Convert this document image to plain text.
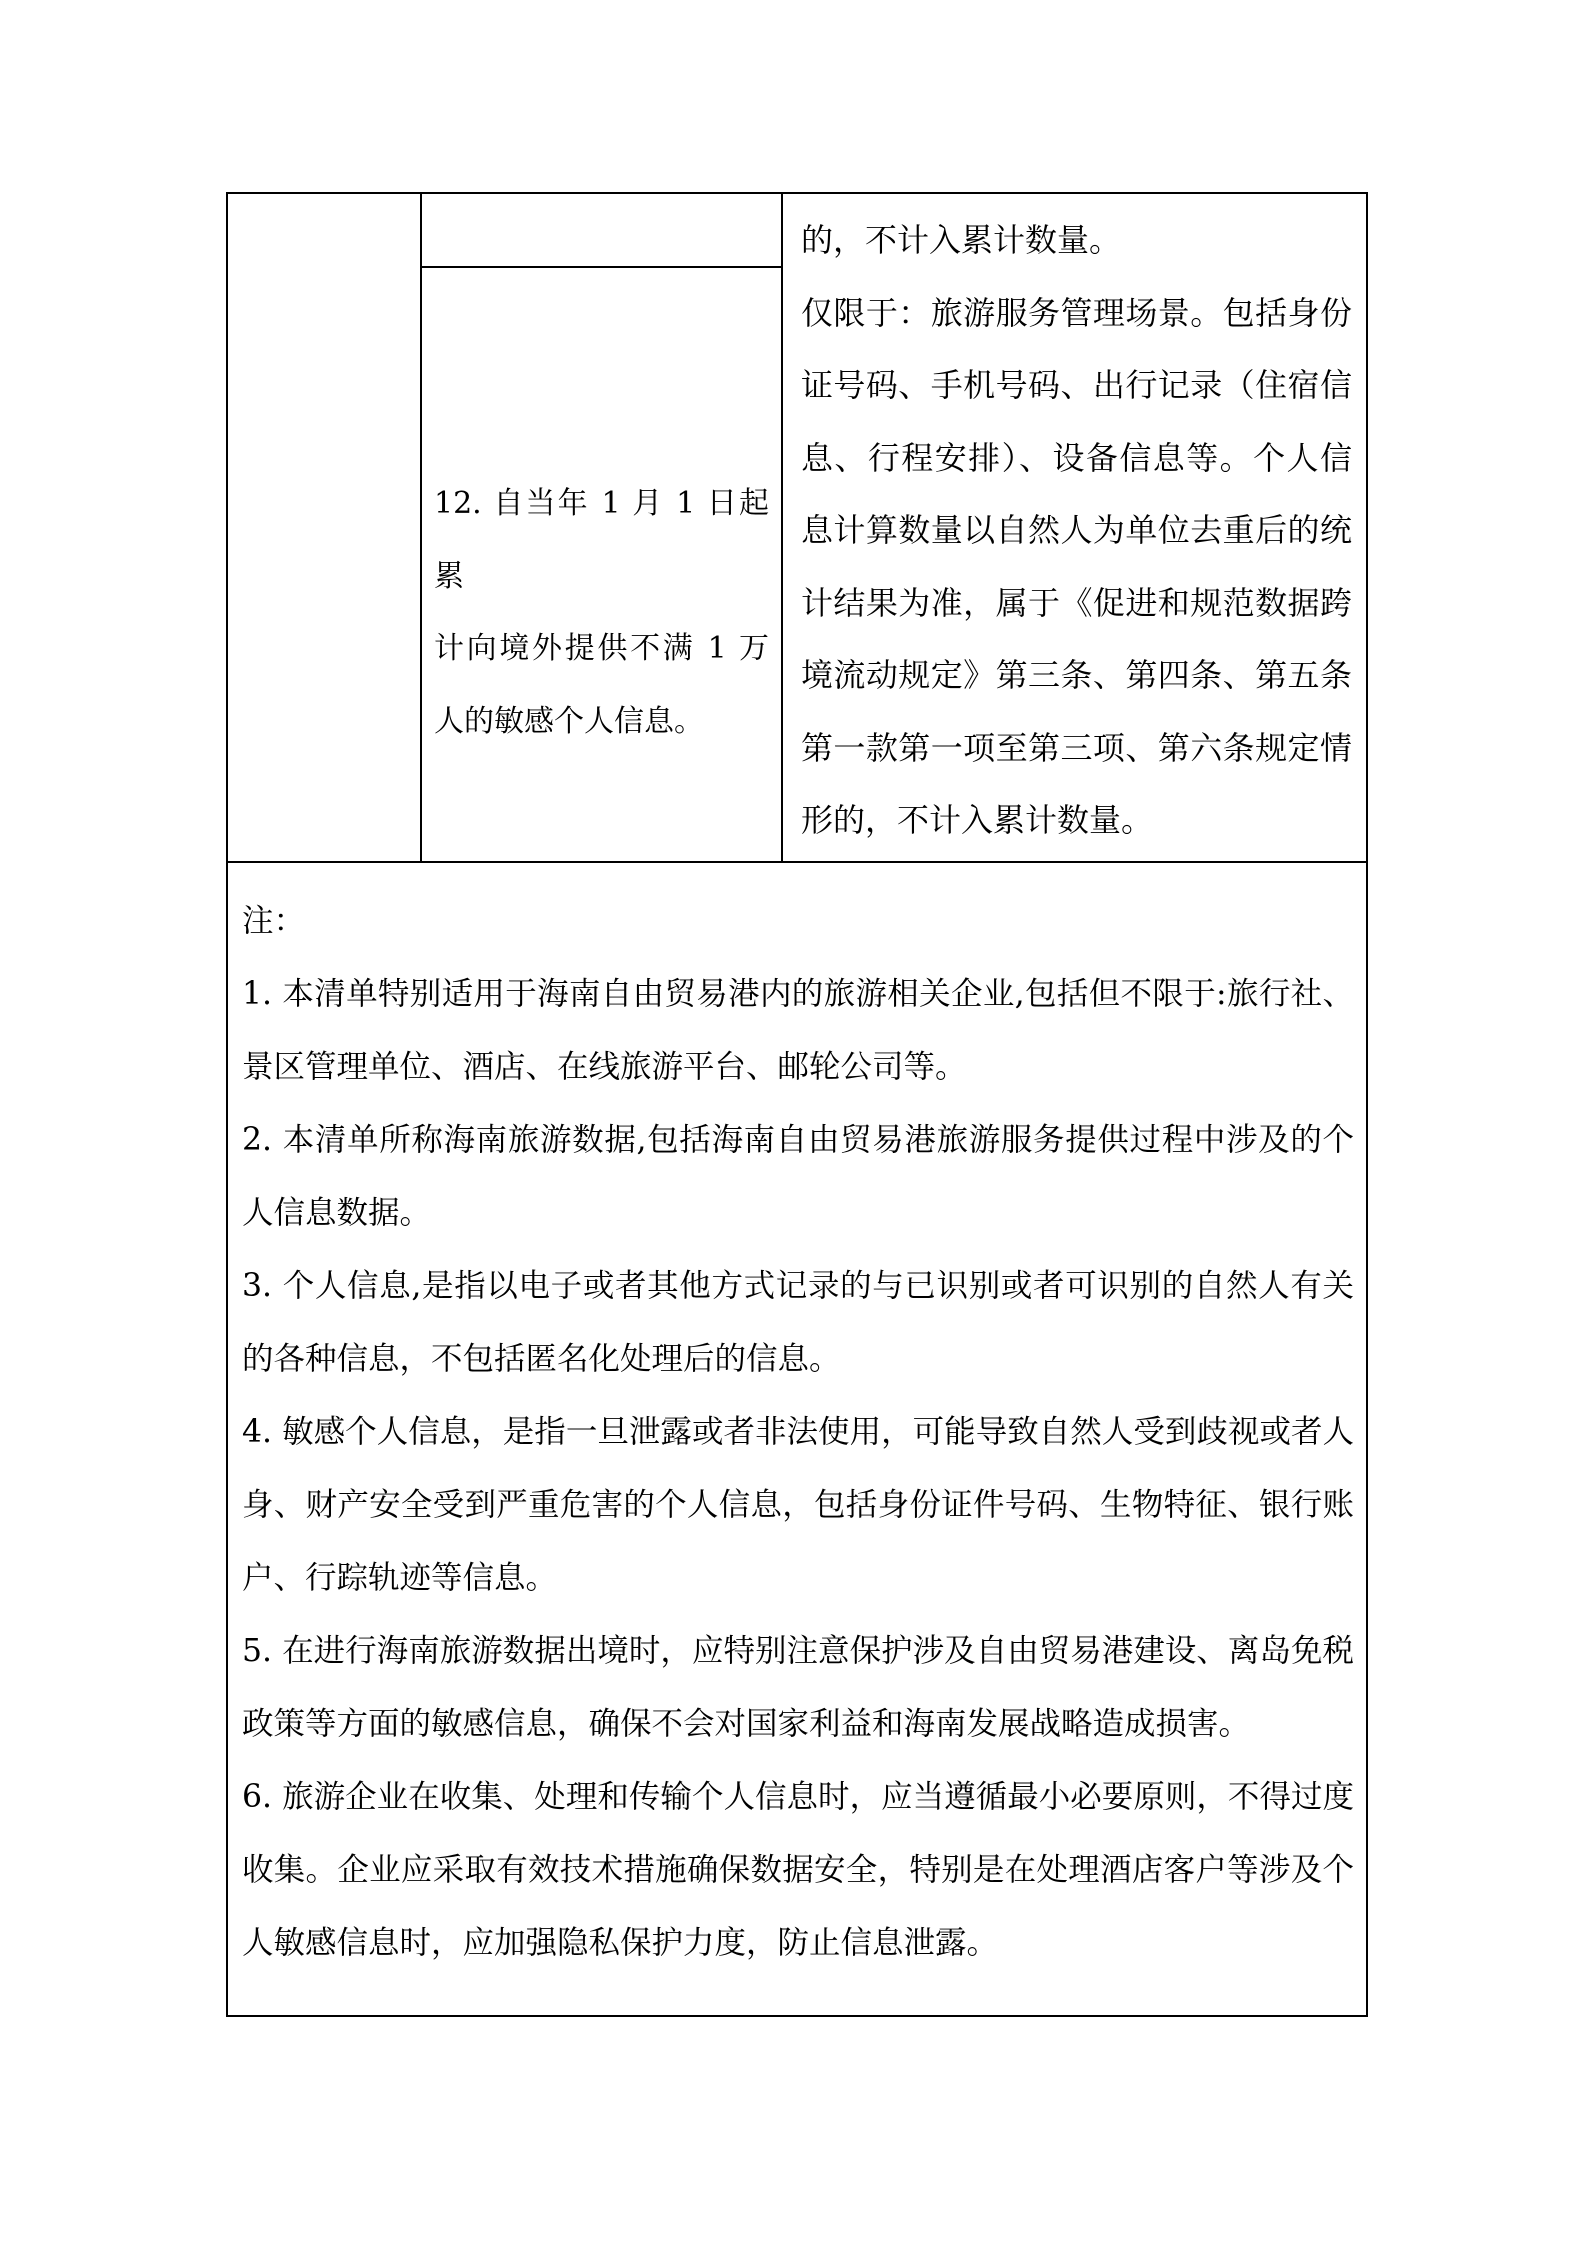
12. 自当年 1 月 1 日起累
计向境外提供不满 1 万
人的敏感个人信息。
的，不计入累计数量。
仅限于：旅游服务管理场景。包括身份
证号码、手机号码、出行记录（住宿信
息、行程安排）、设备信息等。个人信
息计算数量以自然人为单位去重后的统
计结果为准，属于《促进和规范数据跨
境流动规定》第三条、第四条、第五条
第一款第一项至第三项、第六条规定情
形的，不计入累计数量。
注：
1. 本清单特别适用于海南自由贸易港内的旅游相关企业,包括但不限于:旅行社、
景区管理单位、酒店、在线旅游平台、邮轮公司等。
2. 本清单所称海南旅游数据,包括海南自由贸易港旅游服务提供过程中涉及的个
人信息数据。
3. 个人信息,是指以电子或者其他方式记录的与已识别或者可识别的自然人有关
的各种信息，不包括匿名化处理后的信息。
4. 敏感个人信息，是指一旦泄露或者非法使用，可能导致自然人受到歧视或者人
身、财产安全受到严重危害的个人信息，包括身份证件号码、生物特征、银行账
户、行踪轨迹等信息。
5. 在进行海南旅游数据出境时，应特别注意保护涉及自由贸易港建设、离岛免税
政策等方面的敏感信息，确保不会对国家利益和海南发展战略造成损害。
6. 旅游企业在收集、处理和传输个人信息时，应当遵循最小必要原则，不得过度
收集。企业应采取有效技术措施确保数据安全，特别是在处理酒店客户等涉及个
人敏感信息时，应加强隐私保护力度，防止信息泄露。
